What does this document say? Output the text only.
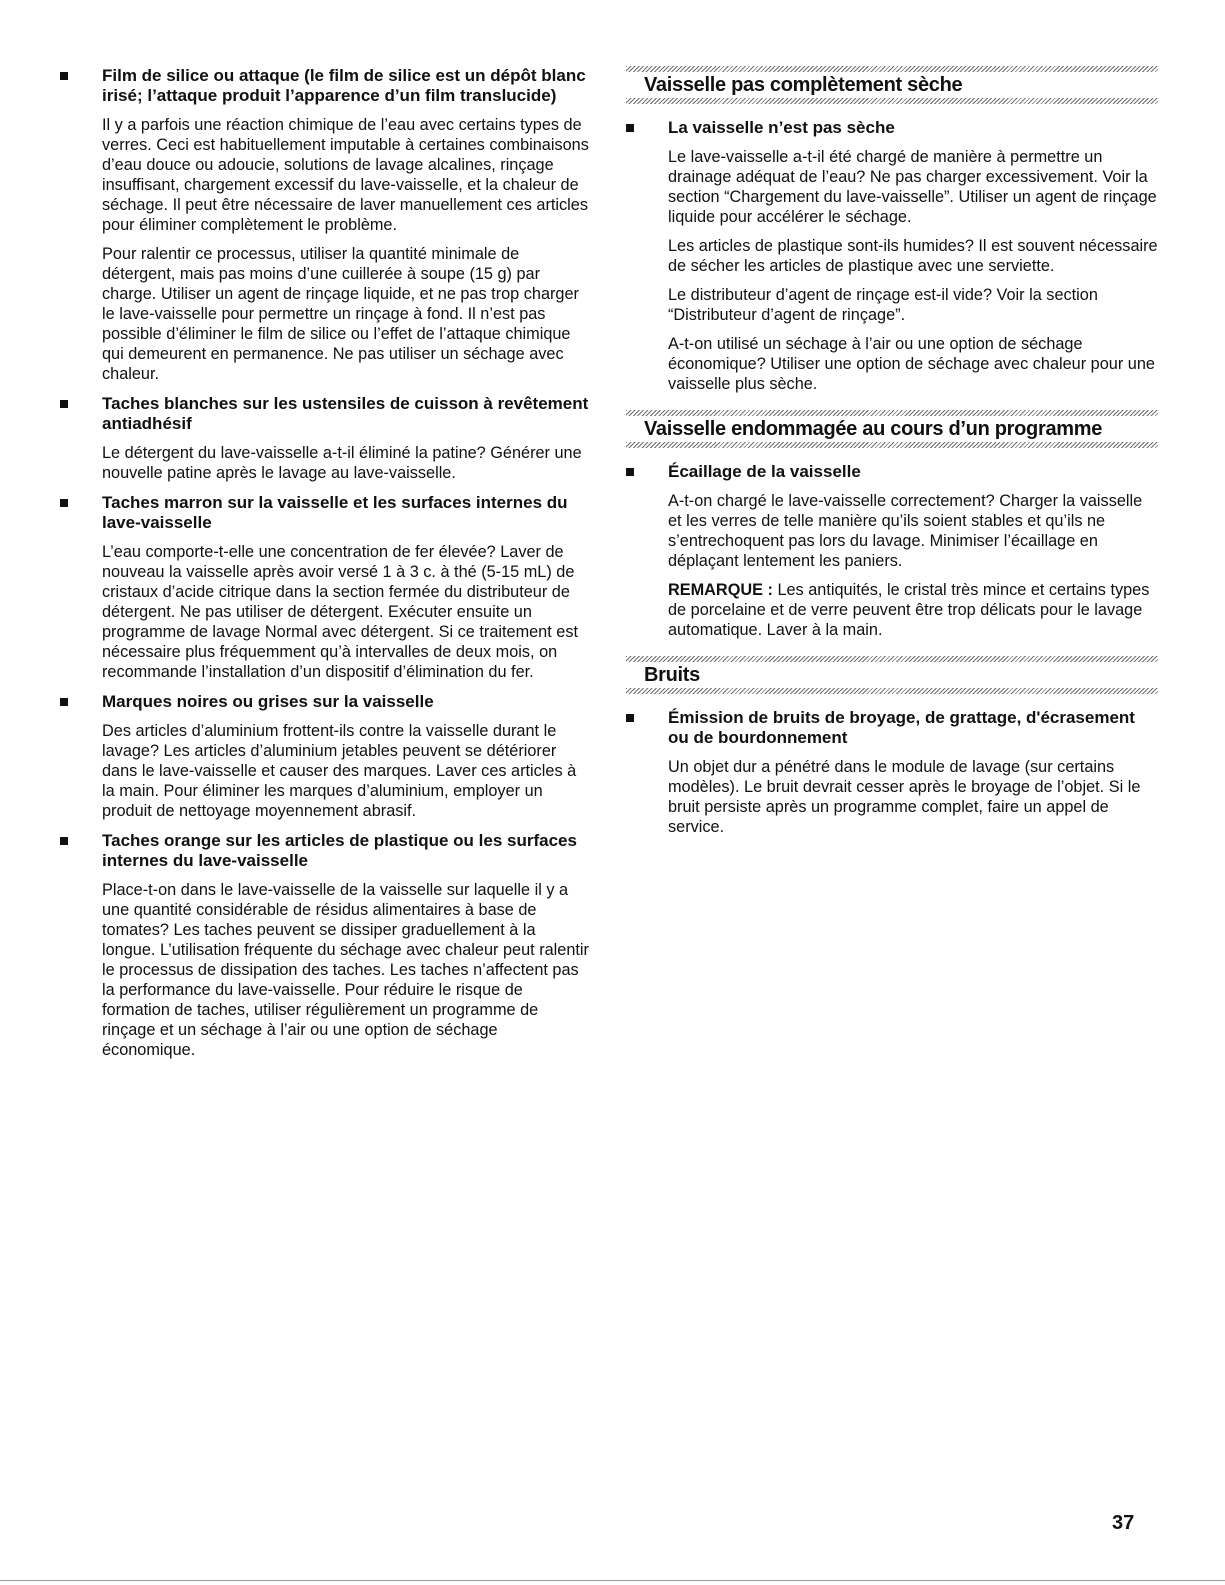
Film de silice ou attaque (le film de silice est un dépôt blanc irisé; l’attaque produit l’apparence d’un film translucide)

Il y a parfois une réaction chimique de l’eau avec certains types de verres. Ceci est habituellement imputable à certaines combinaisons d’eau douce ou adoucie, solutions de lavage alcalines, rinçage insuffisant, chargement excessif du lave-vaisselle, et la chaleur de séchage. Il peut être nécessaire de laver manuellement ces articles pour éliminer complètement le problème.

Pour ralentir ce processus, utiliser la quantité minimale de détergent, mais pas moins d’une cuillerée à soupe (15 g) par charge. Utiliser un agent de rinçage liquide, et ne pas trop charger le lave-vaisselle pour permettre un rinçage à fond. Il n’est pas possible d’éliminer le film de silice ou l’effet de l’attaque chimique qui demeurent en permanence. Ne pas utiliser un séchage avec chaleur.

Taches blanches sur les ustensiles de cuisson à revêtement antiadhésif

Le détergent du lave-vaisselle a-t-il éliminé la patine? Générer une nouvelle patine après le lavage au lave-vaisselle.

Taches marron sur la vaisselle et les surfaces internes du lave-vaisselle

L’eau comporte-t-elle une concentration de fer élevée? Laver de nouveau la vaisselle après avoir versé 1 à 3 c. à thé (5-15 mL) de cristaux d’acide citrique dans la section fermée du distributeur de détergent. Ne pas utiliser de détergent. Exécuter ensuite un programme de lavage Normal avec détergent. Si ce traitement est nécessaire plus fréquemment qu’à intervalles de deux mois, on recommande l’installation d’un dispositif d’élimination du fer.

Marques noires ou grises sur la vaisselle

Des articles d’aluminium frottent-ils contre la vaisselle durant le lavage? Les articles d’aluminium jetables peuvent se détériorer dans le lave-vaisselle et causer des marques. Laver ces articles à la main. Pour éliminer les marques d’aluminium, employer un produit de nettoyage moyennement abrasif.

Taches orange sur les articles de plastique ou les surfaces internes du lave-vaisselle

Place-t-on dans le lave-vaisselle de la vaisselle sur laquelle il y a une quantité considérable de résidus alimentaires à base de tomates? Les taches peuvent se dissiper graduellement à la longue. L’utilisation fréquente du séchage avec chaleur peut ralentir le processus de dissipation des taches. Les taches n’affectent pas la performance du lave-vaisselle. Pour réduire le risque de formation de taches, utiliser régulièrement un programme de rinçage et un séchage à l’air ou une option de séchage économique.

Vaisselle pas complètement sèche

La vaisselle n’est pas sèche

Le lave-vaisselle a-t-il été chargé de manière à permettre un drainage adéquat de l’eau? Ne pas charger excessivement. Voir la section “Chargement du lave-vaisselle”. Utiliser un agent de rinçage liquide pour accélérer le séchage.

Les articles de plastique sont-ils humides? Il est souvent nécessaire de sécher les articles de plastique avec une serviette.

Le distributeur d’agent de rinçage est-il vide? Voir la section “Distributeur d’agent de rinçage”.

A-t-on utilisé un séchage à l’air ou une option de séchage économique? Utiliser une option de séchage avec chaleur pour une vaisselle plus sèche.

Vaisselle endommagée au cours d’un programme

Écaillage de la vaisselle

A-t-on chargé le lave-vaisselle correctement? Charger la vaisselle et les verres de telle manière qu’ils soient stables et qu’ils ne s’entrechoquent pas lors du lavage. Minimiser l’écaillage en déplaçant lentement les paniers.

REMARQUE : Les antiquités, le cristal très mince et certains types de porcelaine et de verre peuvent être trop délicats pour le lavage automatique. Laver à la main.

Bruits

Émission de bruits de broyage, de grattage, d'écrasement ou de bourdonnement

Un objet dur a pénétré dans le module de lavage (sur certains modèles). Le bruit devrait cesser après le broyage de l’objet. Si le bruit persiste après un programme complet, faire un appel de service.

37
